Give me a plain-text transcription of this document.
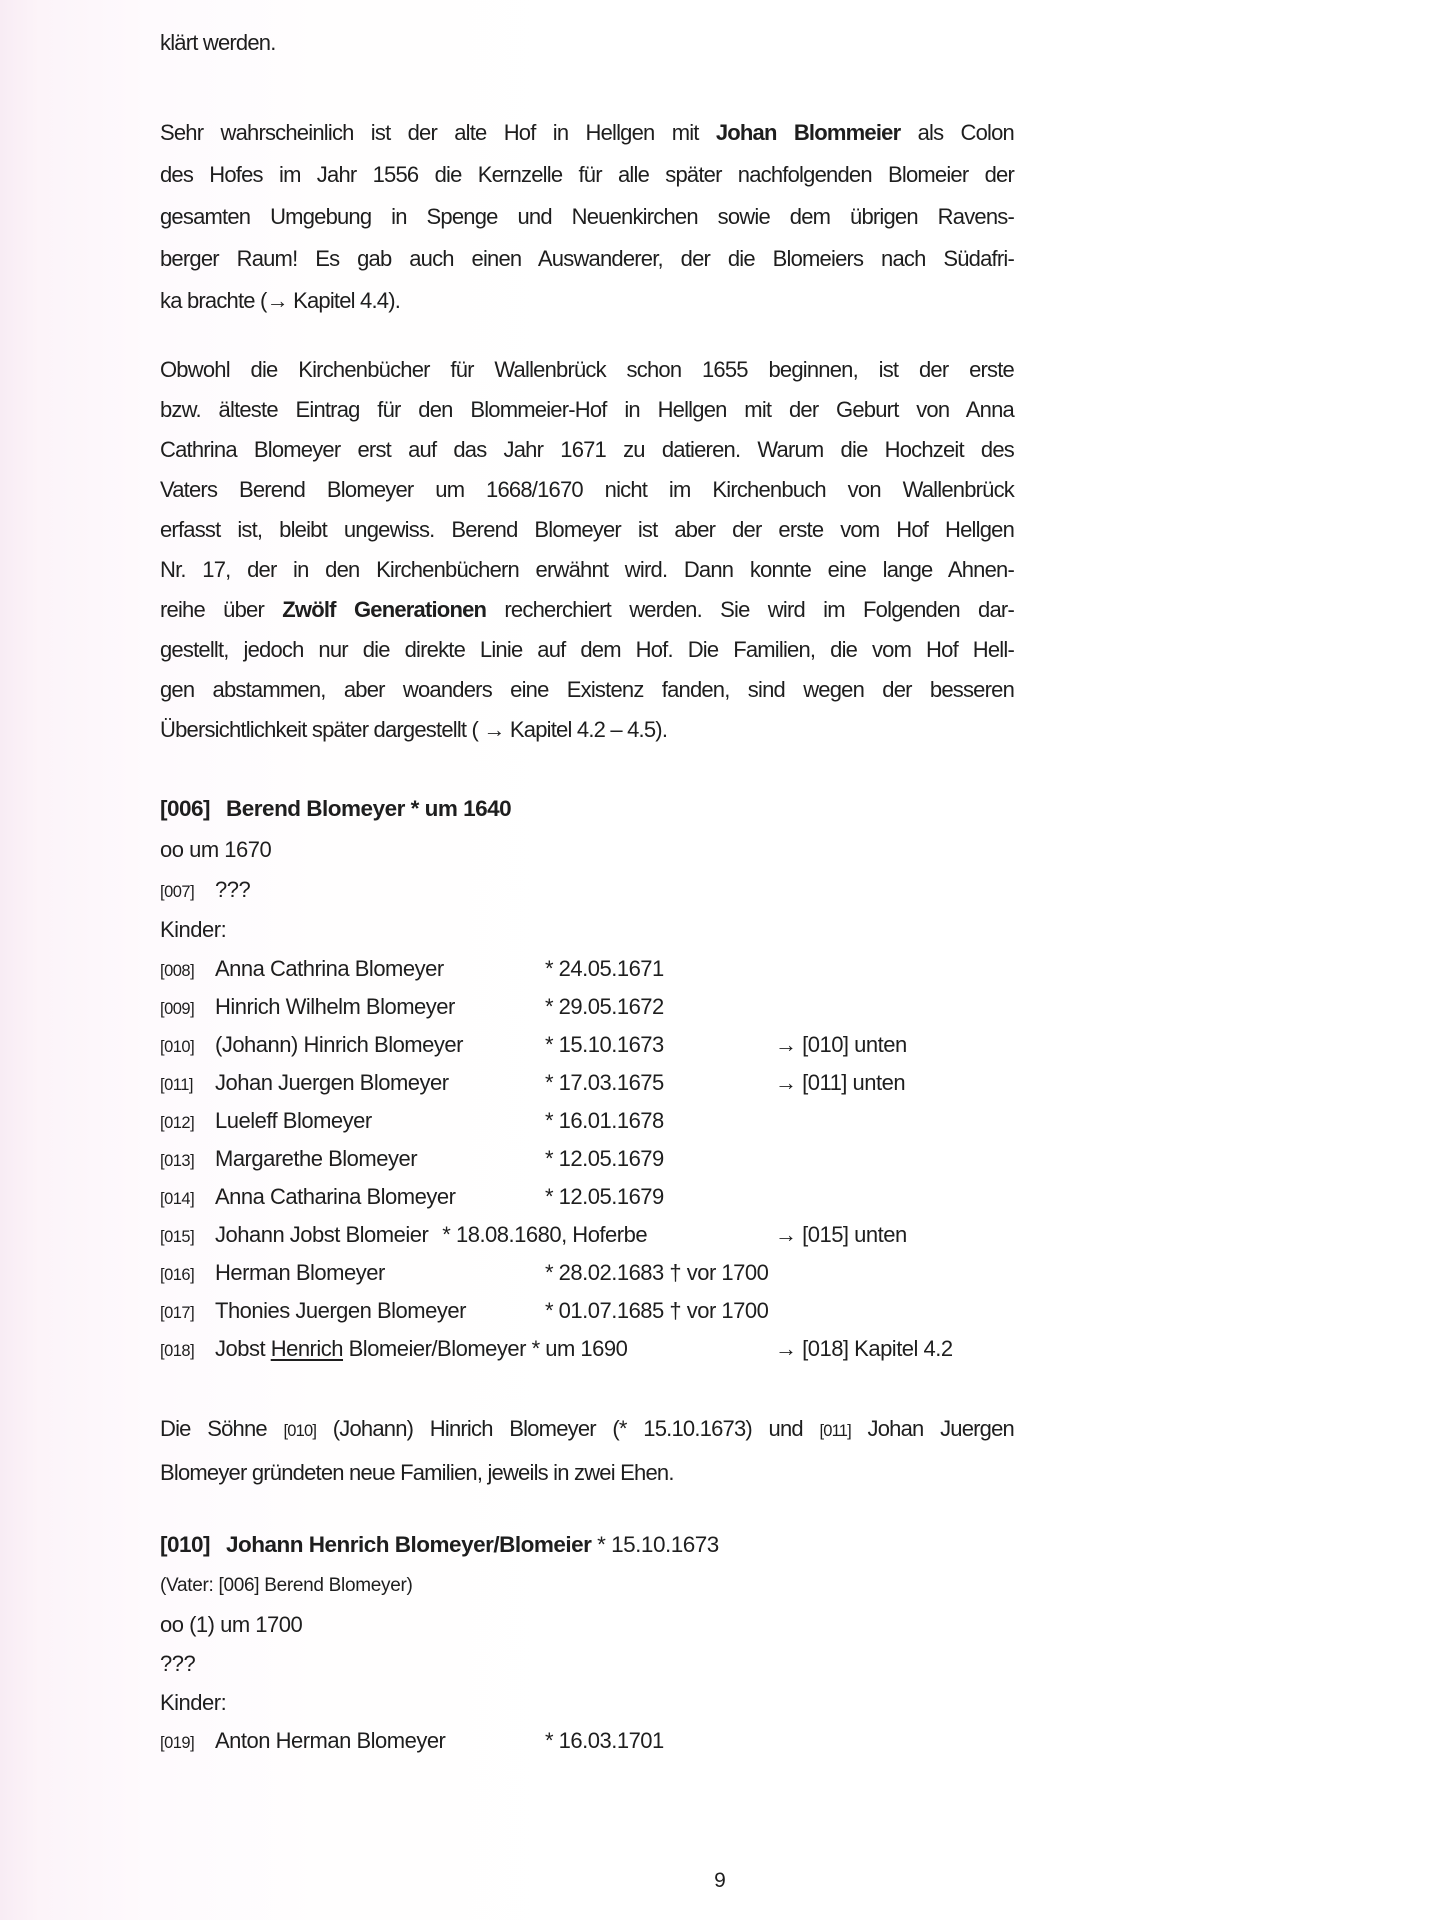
klärt werden.
Sehr wahrscheinlich ist der alte Hof in Hellgen mit Johan Blommeier als Colon
des Hofes im Jahr 1556 die Kernzelle für alle später nachfolgenden Blomeier der
gesamten Umgebung in Spenge und Neuenkirchen sowie dem übrigen Ravens-
berger Raum! Es gab auch einen Auswanderer, der die Blomeiers nach Südafri-
ka brachte (→ Kapitel 4.4).
Obwohl die Kirchenbücher für Wallenbrück schon 1655 beginnen, ist der erste
bzw. älteste Eintrag für den Blommeier-Hof in Hellgen mit der Geburt von Anna
Cathrina Blomeyer erst auf das Jahr 1671 zu datieren. Warum die Hochzeit des
Vaters Berend Blomeyer um 1668/1670 nicht im Kirchenbuch von Wallenbrück
erfasst ist, bleibt ungewiss. Berend Blomeyer ist aber der erste vom Hof Hellgen
Nr. 17, der in den Kirchenbüchern erwähnt wird. Dann konnte eine lange Ahnen-
reihe über Zwölf Generationen recherchiert werden. Sie wird im Folgenden dar-
gestellt, jedoch nur die direkte Linie auf dem Hof. Die Familien, die vom Hof Hell-
gen abstammen, aber woanders eine Existenz fanden, sind wegen der besseren
Übersichtlichkeit später dargestellt ( → Kapitel 4.2 – 4.5).
[006] Berend Blomeyer * um 1640
oo um 1670
[007] ???
Kinder:
[008] Anna Cathrina Blomeyer	* 24.05.1671
[009] Hinrich Wilhelm Blomeyer	* 29.05.1672
[010] (Johann) Hinrich Blomeyer	* 15.10.1673	→ [010] unten
[011] Johan Juergen Blomeyer	* 17.03.1675	→ [011] unten
[012] Lueleff Blomeyer	* 16.01.1678
[013] Margarethe Blomeyer	* 12.05.1679
[014] Anna Catharina Blomeyer	* 12.05.1679
[015] Johann Jobst Blomeier * 18.08.1680, Hoferbe	→ [015] unten
[016] Herman Blomeyer	* 28.02.1683 † vor 1700
[017] Thonies Juergen Blomeyer	* 01.07.1685 † vor 1700
[018] Jobst Henrich Blomeier/Blomeyer * um 1690	→ [018] Kapitel 4.2
Die Söhne [010] (Johann) Hinrich Blomeyer (* 15.10.1673) und [011] Johan Juergen
Blomeyer gründeten neue Familien, jeweils in zwei Ehen.
[010] Johann Henrich Blomeyer/Blomeier * 15.10.1673
(Vater: [006] Berend Blomeyer)
oo (1) um 1700
???
Kinder:
[019] Anton Herman Blomeyer	* 16.03.1701
9
